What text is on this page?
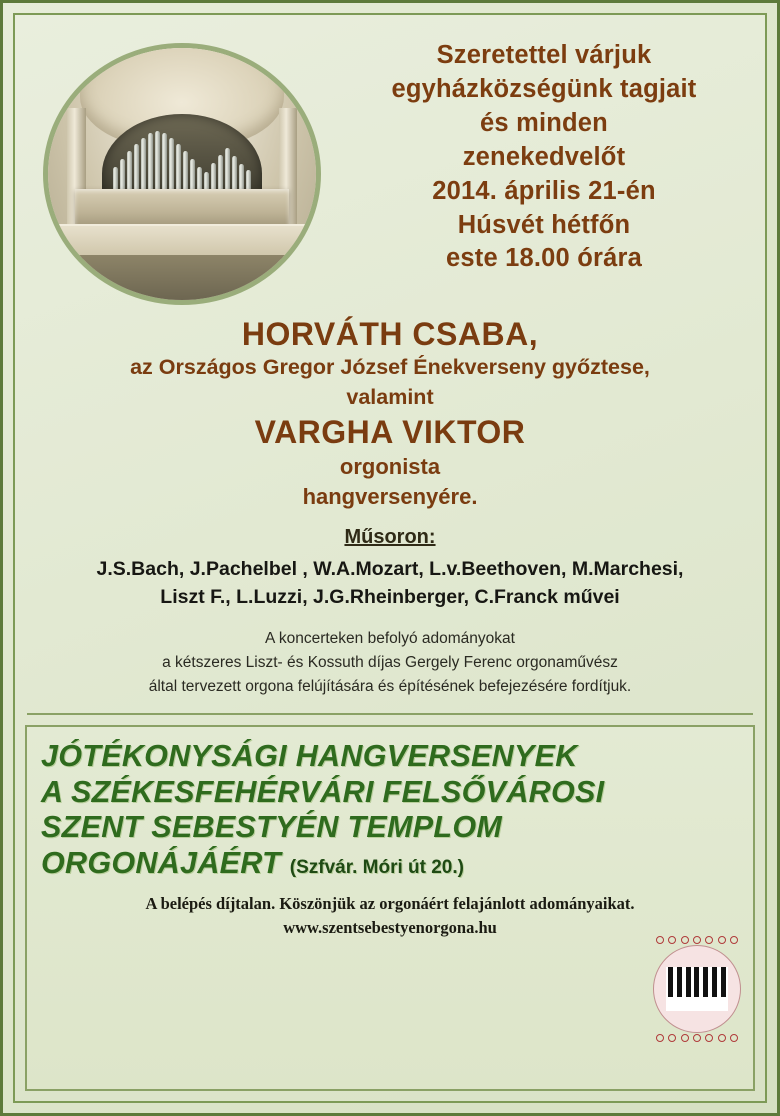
Szeretettel várjuk
egyházközségünk tagjait
és minden
zenekedvelőt
2014. április 21-én
Húsvét hétfőn
este 18.00 órára
HORVÁTH CSABA,
az Országos Gregor József Énekverseny győztese,
valamint
VARGHA VIKTOR
orgonista
hangversenyére.
Műsoron:
J.S.Bach, J.Pachelbel , W.A.Mozart, L.v.Beethoven, M.Marchesi,
Liszt F., L.Luzzi, J.G.Rheinberger, C.Franck művei
A koncerteken befolyó adományokat
a kétszeres Liszt- és Kossuth díjas Gergely Ferenc orgonaművész
által tervezett orgona felújítására és építésének befejezésére fordítjuk.
JÓTÉKONYSÁGI HANGVERSENYEK
A SZÉKESFEHÉRVÁRI FELSŐVÁROSI
SZENT SEBESTYÉN TEMPLOM
ORGONÁJÁÉRT (Szfvár. Móri út 20.)
A belépés díjtalan. Köszönjük az orgonáért felajánlott adományaikat.
www.szentsebestyenorgona.hu
